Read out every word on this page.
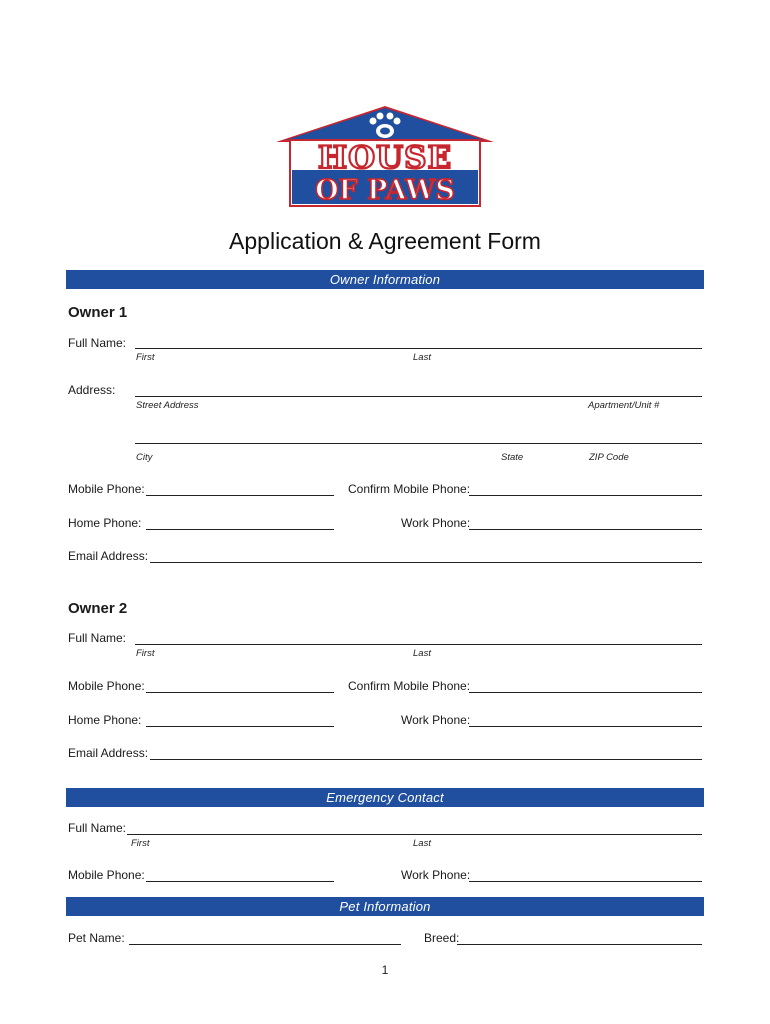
HOUSE
OF PAWS
Application & Agreement Form
Owner Information
Owner 1
Full Name:
First	Last
Address:
Street Address	Apartment/Unit #
City	State	ZIP Code
Mobile Phone:	Confirm Mobile Phone:
Home Phone:	Work Phone:
Email Address:
Owner 2
Full Name:
First	Last
Mobile Phone:	Confirm Mobile Phone:
Home Phone:	Work Phone:
Email Address:
Emergency Contact
Full Name:
First	Last
Mobile Phone:	Work Phone:
Pet Information
Pet Name:	Breed:
1
